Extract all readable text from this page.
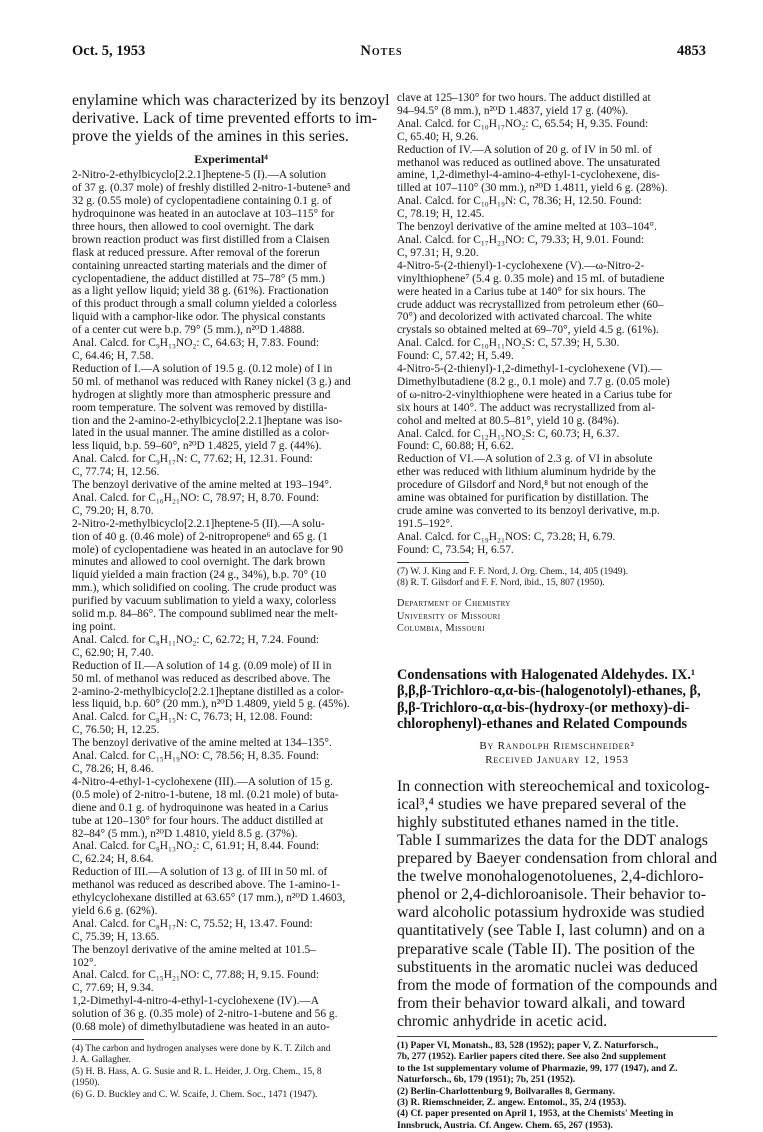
Oct. 5, 1953	Notes	4853
enylamine which was characterized by its benzoyl
derivative. Lack of time prevented efforts to im-
prove the yields of the amines in this series.
Experimental⁴
2-Nitro-2-ethylbicyclo[2.2.1]heptene-5 (I).—A solution
of 37 g. (0.37 mole) of freshly distilled 2-nitro-1-butene⁵ and
32 g. (0.55 mole) of cyclopentadiene containing 0.1 g. of
hydroquinone was heated in an autoclave at 103–115° for
three hours, then allowed to cool overnight. The dark
brown reaction product was first distilled from a Claisen
flask at reduced pressure. After removal of the forerun
containing unreacted starting materials and the dimer of
cyclopentadiene, the adduct distilled at 75–78° (5 mm.)
as a light yellow liquid; yield 38 g. (61%). Fractionation
of this product through a small column yielded a colorless
liquid with a camphor-like odor. The physical constants
of a center cut were b.p. 79° (5 mm.), n²⁰D 1.4888.
Anal. Calcd. for C₉H₁₃NO₂: C, 64.63; H, 7.83. Found:
C, 64.46; H, 7.58.
Reduction of I.—A solution of 19.5 g. (0.12 mole) of I in
50 ml. of methanol was reduced with Raney nickel (3 g.) and
hydrogen at slightly more than atmospheric pressure and
room temperature. The solvent was removed by distilla-
tion and the 2-amino-2-ethylbicyclo[2.2.1]heptane was iso-
lated in the usual manner. The amine distilled as a color-
less liquid, b.p. 59–60°, n²⁰D 1.4825, yield 7 g. (44%).
Anal. Calcd. for C₉H₁₇N: C, 77.62; H, 12.31. Found:
C, 77.74; H, 12.56.
The benzoyl derivative of the amine melted at 193–194°.
Anal. Calcd. for C₁₆H₂₁NO: C, 78.97; H, 8.70. Found:
C, 79.20; H, 8.70.
2-Nitro-2-methylbicyclo[2.2.1]heptene-5 (II).—A solu-
tion of 40 g. (0.46 mole) of 2-nitropropene⁶ and 65 g. (1
mole) of cyclopentadiene was heated in an autoclave for 90
minutes and allowed to cool overnight. The dark brown
liquid yielded a main fraction (24 g., 34%), b.p. 70° (10
mm.), which solidified on cooling. The crude product was
purified by vacuum sublimation to yield a waxy, colorless
solid m.p. 84–86°. The compound sublimed near the melt-
ing point.
Anal. Calcd. for C₈H₁₁NO₂: C, 62.72; H, 7.24. Found:
C, 62.90; H, 7.40.
Reduction of II.—A solution of 14 g. (0.09 mole) of II in
50 ml. of methanol was reduced as described above. The
2-amino-2-methylbicyclo[2.2.1]heptane distilled as a color-
less liquid, b.p. 60° (20 mm.), n²⁰D 1.4809, yield 5 g. (45%).
Anal. Calcd. for C₈H₁₅N: C, 76.73; H, 12.08. Found:
C, 76.50; H, 12.25.
The benzoyl derivative of the amine melted at 134–135°.
Anal. Calcd. for C₁₅H₁₉NO: C, 78.56; H, 8.35. Found:
C, 78.26; H, 8.46.
4-Nitro-4-ethyl-1-cyclohexene (III).—A solution of 15 g.
(0.5 mole) of 2-nitro-1-butene, 18 ml. (0.21 mole) of buta-
diene and 0.1 g. of hydroquinone was heated in a Carius
tube at 120–130° for four hours. The adduct distilled at
82–84° (5 mm.), n²⁰D 1.4810, yield 8.5 g. (37%).
Anal. Calcd. for C₈H₁₃NO₂: C, 61.91; H, 8.44. Found:
C, 62.24; H, 8.64.
Reduction of III.—A solution of 13 g. of III in 50 ml. of
methanol was reduced as described above. The 1-amino-1-
ethylcyclohexane distilled at 63.65° (17 mm.), n²⁰D 1.4603,
yield 6.6 g. (62%).
Anal. Calcd. for C₈H₁₇N: C, 75.52; H, 13.47. Found:
C, 75.39; H, 13.65.
The benzoyl derivative of the amine melted at 101.5–
102°.
Anal. Calcd. for C₁₅H₂₁NO: C, 77.88; H, 9.15. Found:
C, 77.69; H, 9.34.
1,2-Dimethyl-4-nitro-4-ethyl-1-cyclohexene (IV).—A
solution of 36 g. (0.35 mole) of 2-nitro-1-butene and 56 g.
(0.68 mole) of dimethylbutadiene was heated in an auto-
(4) The carbon and hydrogen analyses were done by K. T. Zilch and
J. A. Gallagher.
(5) H. B. Hass, A. G. Susie and R. L. Heider, J. Org. Chem., 15, 8
(1950).
(6) G. D. Buckley and C. W. Scaife, J. Chem. Soc., 1471 (1947).
clave at 125–130° for two hours. The adduct distilled at
94–94.5° (8 mm.), n²⁰D 1.4837, yield 17 g. (40%).
Anal. Calcd. for C₁₀H₁₇NO₂: C, 65.54; H, 9.35. Found:
C, 65.40; H, 9.26.
Reduction of IV.—A solution of 20 g. of IV in 50 ml. of
methanol was reduced as outlined above. The unsaturated
amine, 1,2-dimethyl-4-amino-4-ethyl-1-cyclohexene, dis-
tilled at 107–110° (30 mm.), n²⁰D 1.4811, yield 6 g. (28%).
Anal. Calcd. for C₁₀H₁₉N: C, 78.36; H, 12.50. Found:
C, 78.19; H, 12.45.
The benzoyl derivative of the amine melted at 103–104°.
Anal. Calcd. for C₁₇H₂₃NO: C, 79.33; H, 9.01. Found:
C, 97.31; H, 9.20.
4-Nitro-5-(2-thienyl)-1-cyclohexene (V).—ω-Nitro-2-
vinylthiophene⁷ (5.4 g. 0.35 mole) and 15 ml. of butadiene
were heated in a Carius tube at 140° for six hours. The
crude adduct was recrystallized from petroleum ether (60–
70°) and decolorized with activated charcoal. The white
crystals so obtained melted at 69–70°, yield 4.5 g. (61%).
Anal. Calcd. for C₁₀H₁₁NO₂S: C, 57.39; H, 5.30.
Found: C, 57.42; H, 5.49.
4-Nitro-5-(2-thienyl)-1,2-dimethyl-1-cyclohexene (VI).—
Dimethylbutadiene (8.2 g., 0.1 mole) and 7.7 g. (0.05 mole)
of ω-nitro-2-vinylthiophene were heated in a Carius tube for
six hours at 140°. The adduct was recrystallized from al-
cohol and melted at 80.5–81°, yield 10 g. (84%).
Anal. Calcd. for C₁₂H₁₅NO₂S: C, 60.73; H, 6.37.
Found: C, 60.88; H, 6.62.
Reduction of VI.—A solution of 2.3 g. of VI in absolute
ether was reduced with lithium aluminum hydride by the
procedure of Gilsdorf and Nord,⁸ but not enough of the
amine was obtained for purification by distillation. The
crude amine was converted to its benzoyl derivative, m.p.
191.5–192°.
Anal. Calcd. for C₁₉H₂₁NOS: C, 73.28; H, 6.79.
Found: C, 73.54; H, 6.57.
(7) W. J. King and F. F. Nord, J. Org. Chem., 14, 405 (1949).
(8) R. T. Gilsdorf and F. F. Nord, ibid., 15, 807 (1950).
Department of Chemistry
University of Missouri
Columbia, Missouri
Condensations with Halogenated Aldehydes. IX.¹
β,β,β-Trichloro-α,α-bis-(halogenotolyl)-ethanes, β,
β,β-Trichloro-α,α-bis-(hydroxy-(or methoxy)-di-
chlorophenyl)-ethanes and Related Compounds
By Randolph Riemschneider²
Received January 12, 1953
In connection with stereochemical and toxicolog-
ical³,⁴ studies we have prepared several of the
highly substituted ethanes named in the title.
Table I summarizes the data for the DDT analogs
prepared by Baeyer condensation from chloral and
the twelve monohalogenotoluenes, 2,4-dichloro-
phenol or 2,4-dichloroanisole. Their behavior to-
ward alcoholic potassium hydroxide was studied
quantitatively (see Table I, last column) and on a
preparative scale (Table II). The position of the
substituents in the aromatic nuclei was deduced
from the mode of formation of the compounds and
from their behavior toward alkali, and toward
chromic anhydride in acetic acid.
(1) Paper VI, Monatsh., 83, 528 (1952); paper V, Z. Naturforsch.,
7b, 277 (1952). Earlier papers cited there. See also 2nd supplement
to the 1st supplementary volume of Pharmazie, 99, 177 (1947), and Z.
Naturforsch., 6b, 179 (1951); 7b, 251 (1952).
(2) Berlin-Charlottenburg 9, Boilvaralles 8, Germany.
(3) R. Riemschneider, Z. angew. Entomol., 35, 2/4 (1953).
(4) Cf. paper presented on April 1, 1953, at the Chemists' Meeting in
Innsbruck, Austria. Cf. Angew. Chem. 65, 267 (1953).
